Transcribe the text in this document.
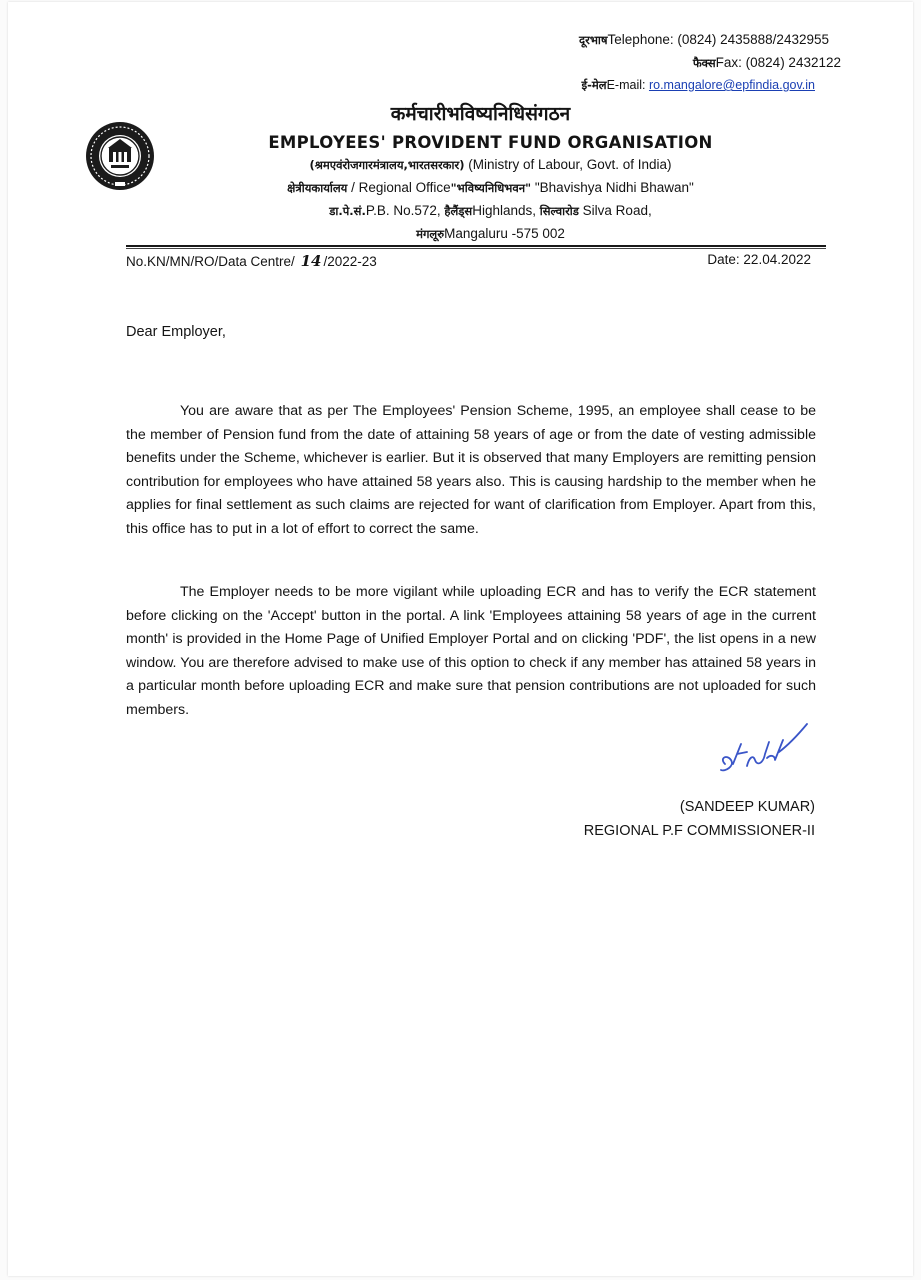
दूरभाषTelephone: (0824) 2435888/2432955
फैक्सFax: (0824) 2432122
ई-मेलE-mail: ro.mangalore@epfindia.gov.in
कर्मचारीभविष्यनिधिसंगठन
EMPLOYEES' PROVIDENT FUND ORGANISATION
(श्रमएवंरोजगारमंत्रालय,भारतसरकार) (Ministry of Labour, Govt. of India)
क्षेत्रीयकार्यालय / Regional Office"भविष्यनिधिभवन" "Bhavishya Nidhi Bhawan"
डा.पे.सं.P.B. No.572, हैलैंड्सHighlands, सिल्वारोड Silva Road,
मंगलूरुMangaluru -575 002
No.KN/MN/RO/Data Centre/ 14 /2022-23	Date: 22.04.2022
Dear Employer,
You are aware that as per The Employees' Pension Scheme, 1995, an employee shall cease to be the member of Pension fund from the date of attaining 58 years of age or from the date of vesting admissible benefits under the Scheme, whichever is earlier. But it is observed that many Employers are remitting pension contribution for employees who have attained 58 years also. This is causing hardship to the member when he applies for final settlement as such claims are rejected for want of clarification from Employer. Apart from this, this office has to put in a lot of effort to correct the same.
The Employer needs to be more vigilant while uploading ECR and has to verify the ECR statement before clicking on the 'Accept' button in the portal. A link 'Employees attaining 58 years of age in the current month' is provided in the Home Page of Unified Employer Portal and on clicking 'PDF', the list opens in a new window. You are therefore advised to make use of this option to check if any member has attained 58 years in a particular month before uploading ECR and make sure that pension contributions are not uploaded for such members.
(SANDEEP KUMAR)
REGIONAL P.F COMMISSIONER-II
